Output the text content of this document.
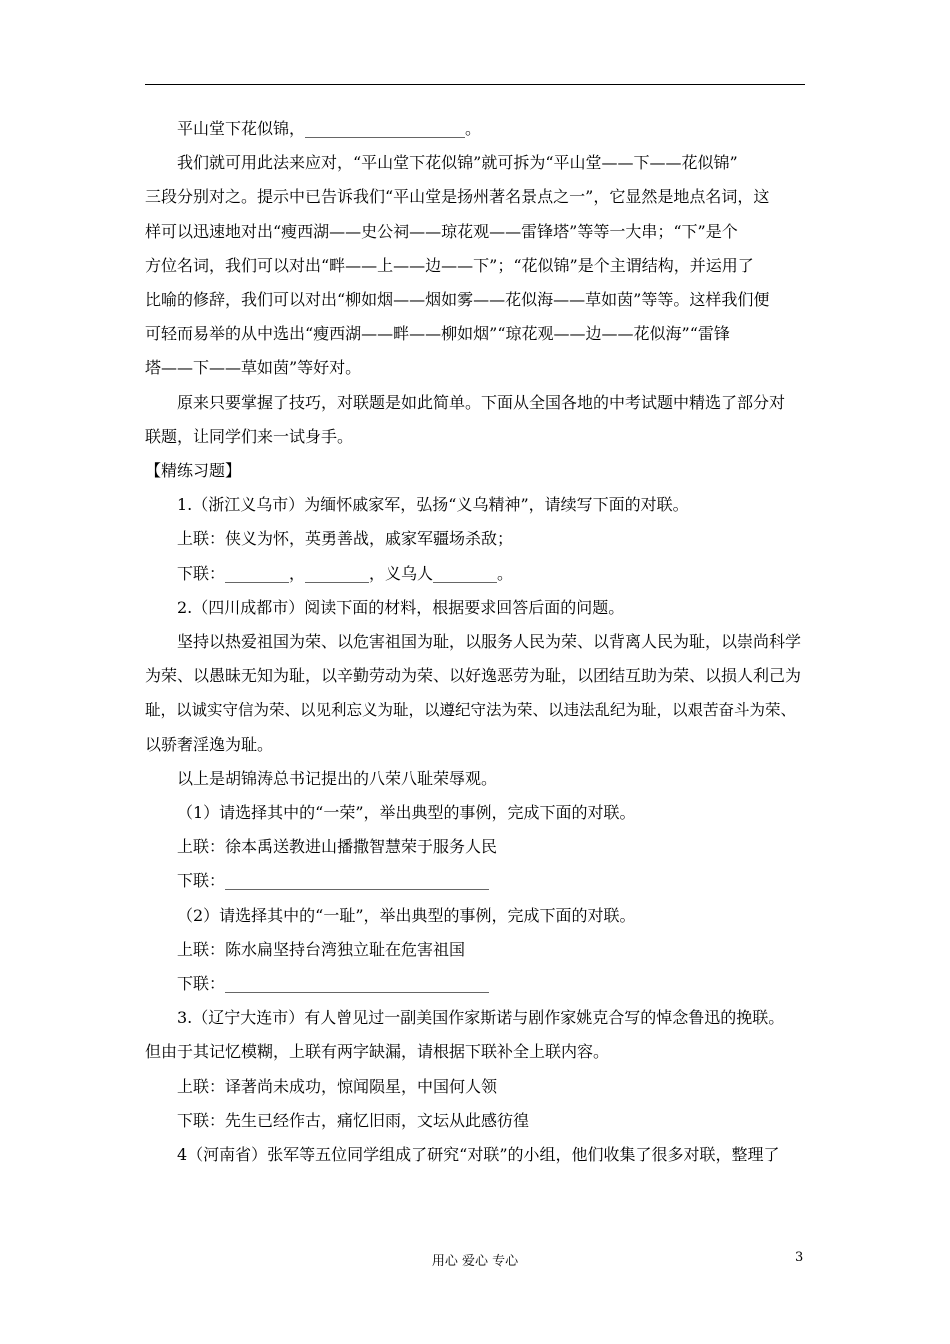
平山堂下花似锦，____________________。

我们就可用此法来应对，“平山堂下花似锦”就可拆为“平山堂——下——花似锦”

三段分别对之。提示中已告诉我们“平山堂是扬州著名景点之一”，它显然是地点名词，这

样可以迅速地对出“瘦西湖——史公祠——琼花观——雷锋塔”等等一大串；“下”是个

方位名词，我们可以对出“畔——上——边——下”；“花似锦”是个主谓结构，并运用了

比喻的修辞，我们可以对出“柳如烟——烟如雾——花似海——草如茵”等等。这样我们便

可轻而易举的从中选出“瘦西湖——畔——柳如烟”“琼花观——边——花似海”“雷锋

塔——下——草如茵”等好对。

原来只要掌握了技巧，对联题是如此简单。下面从全国各地的中考试题中精选了部分对

联题，让同学们来一试身手。

【精练习题】

1.（浙江义乌市）为缅怀戚家军，弘扬“义乌精神”，请续写下面的对联。

上联：侠义为怀，英勇善战，戚家军疆场杀敌；

下联：________，________，义乌人________。

2.（四川成都市）阅读下面的材料，根据要求回答后面的问题。

坚持以热爱祖国为荣、以危害祖国为耻，以服务人民为荣、以背离人民为耻，以崇尚科学

为荣、以愚昧无知为耻，以辛勤劳动为荣、以好逸恶劳为耻，以团结互助为荣、以损人利己为

耻，以诚实守信为荣、以见利忘义为耻，以遵纪守法为荣、以违法乱纪为耻，以艰苦奋斗为荣、

以骄奢淫逸为耻。

以上是胡锦涛总书记提出的八荣八耻荣辱观。

（1）请选择其中的“一荣”，举出典型的事例，完成下面的对联。

上联：徐本禹送教进山播撒智慧荣于服务人民

下联：_________________________________

（2）请选择其中的“一耻”，举出典型的事例，完成下面的对联。

上联：陈水扁坚持台湾独立耻在危害祖国

下联：_________________________________

3.（辽宁大连市）有人曾见过一副美国作家斯诺与剧作家姚克合写的悼念鲁迅的挽联。

但由于其记忆模糊，上联有两字缺漏，请根据下联补全上联内容。

上联：译著尚未成功，惊闻陨星，中国何人领

下联：先生已经作古，痛忆旧雨，文坛从此感彷徨

4（河南省）张军等五位同学组成了研究“对联”的小组，他们收集了很多对联，整理了

用心 爱心 专心	3
